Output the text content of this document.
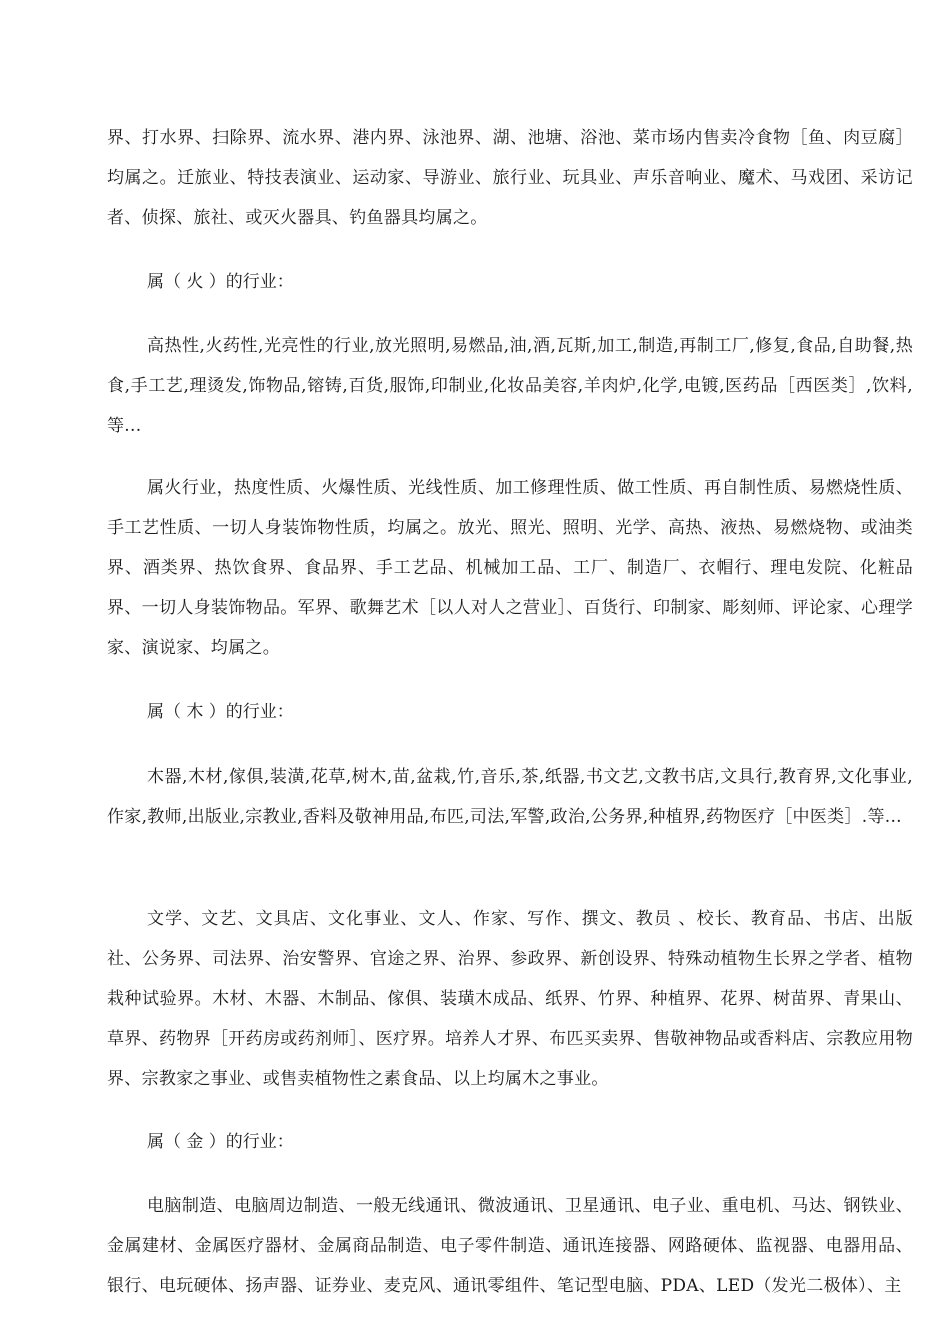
界、打水界、扫除界、流水界、港内界、泳池界、湖、池塘、浴池、菜市场内售卖冷食物［鱼、肉豆腐］均属之。迁旅业、特技表演业、运动家、导游业、旅行业、玩具业、声乐音响业、魔术、马戏团、采访记者、侦探、旅社、或灭火器具、钓鱼器具均属之。

属（ 火 ）的行业：

高热性,火药性,光亮性的行业,放光照明,易燃品,油,酒,瓦斯,加工,制造,再制工厂,修复,食品,自助餐,热食,手工艺,理烫发,饰物品,镕铸,百货,服饰,印制业,化妆品美容,羊肉炉,化学,电镀,医药品［西医类］,饮料,等...

属火行业，热度性质、火爆性质、光线性质、加工修理性质、做工性质、再自制性质、易燃烧性质、手工艺性质、一切人身装饰物性质，均属之。放光、照光、照明、光学、高热、液热、易燃烧物、或油类界、酒类界、热饮食界、食品界、手工艺品、机械加工品、工厂、制造厂、衣帽行、理电发院、化粧品界、一切人身装饰物品。军界、歌舞艺术［以人对人之营业］、百货行、印制家、彫刻师、评论家、心理学家、演说家、均属之。

属（ 木 ）的行业：

木器,木材,傢俱,装潢,花草,树木,苗,盆栽,竹,音乐,茶,纸器,书文艺,文教书店,文具行,教育界,文化事业,作家,教师,出版业,宗教业,香料及敬神用品,布匹,司法,军警,政治,公务界,种植界,药物医疗［中医类］.等...

文学、文艺、文具店、文化事业、文人、作家、写作、撰文、教员 、校长、教育品、书店、出版社、公务界、司法界、治安警界、官途之界、治界、参政界、新创设界、特殊动植物生长界之学者、植物栽种试验界。木材、木器、木制品、傢俱、装璜木成品、纸界、竹界、种植界、花界、树苗界、青果山、草界、药物界［开药房或药剂师］、医疗界。培养人才界、布匹买卖界、售敬神物品或香料店、宗教应用物界、宗教家之事业、或售卖植物性之素食品、以上均属木之事业。

属（ 金 ）的行业：

电脑制造、电脑周边制造、一般无线通讯、微波通讯、卫星通讯、电子业、重电机、马达、钢铁业、金属建材、金属医疗器材、金属商品制造、电子零件制造、通讯连接器、网路硬体、监视器、电器用品、银行、电玩硬体、扬声器、证券业、麦克风、通讯零组件、笔记型电脑、PDA、LED（发光二极体）、主
